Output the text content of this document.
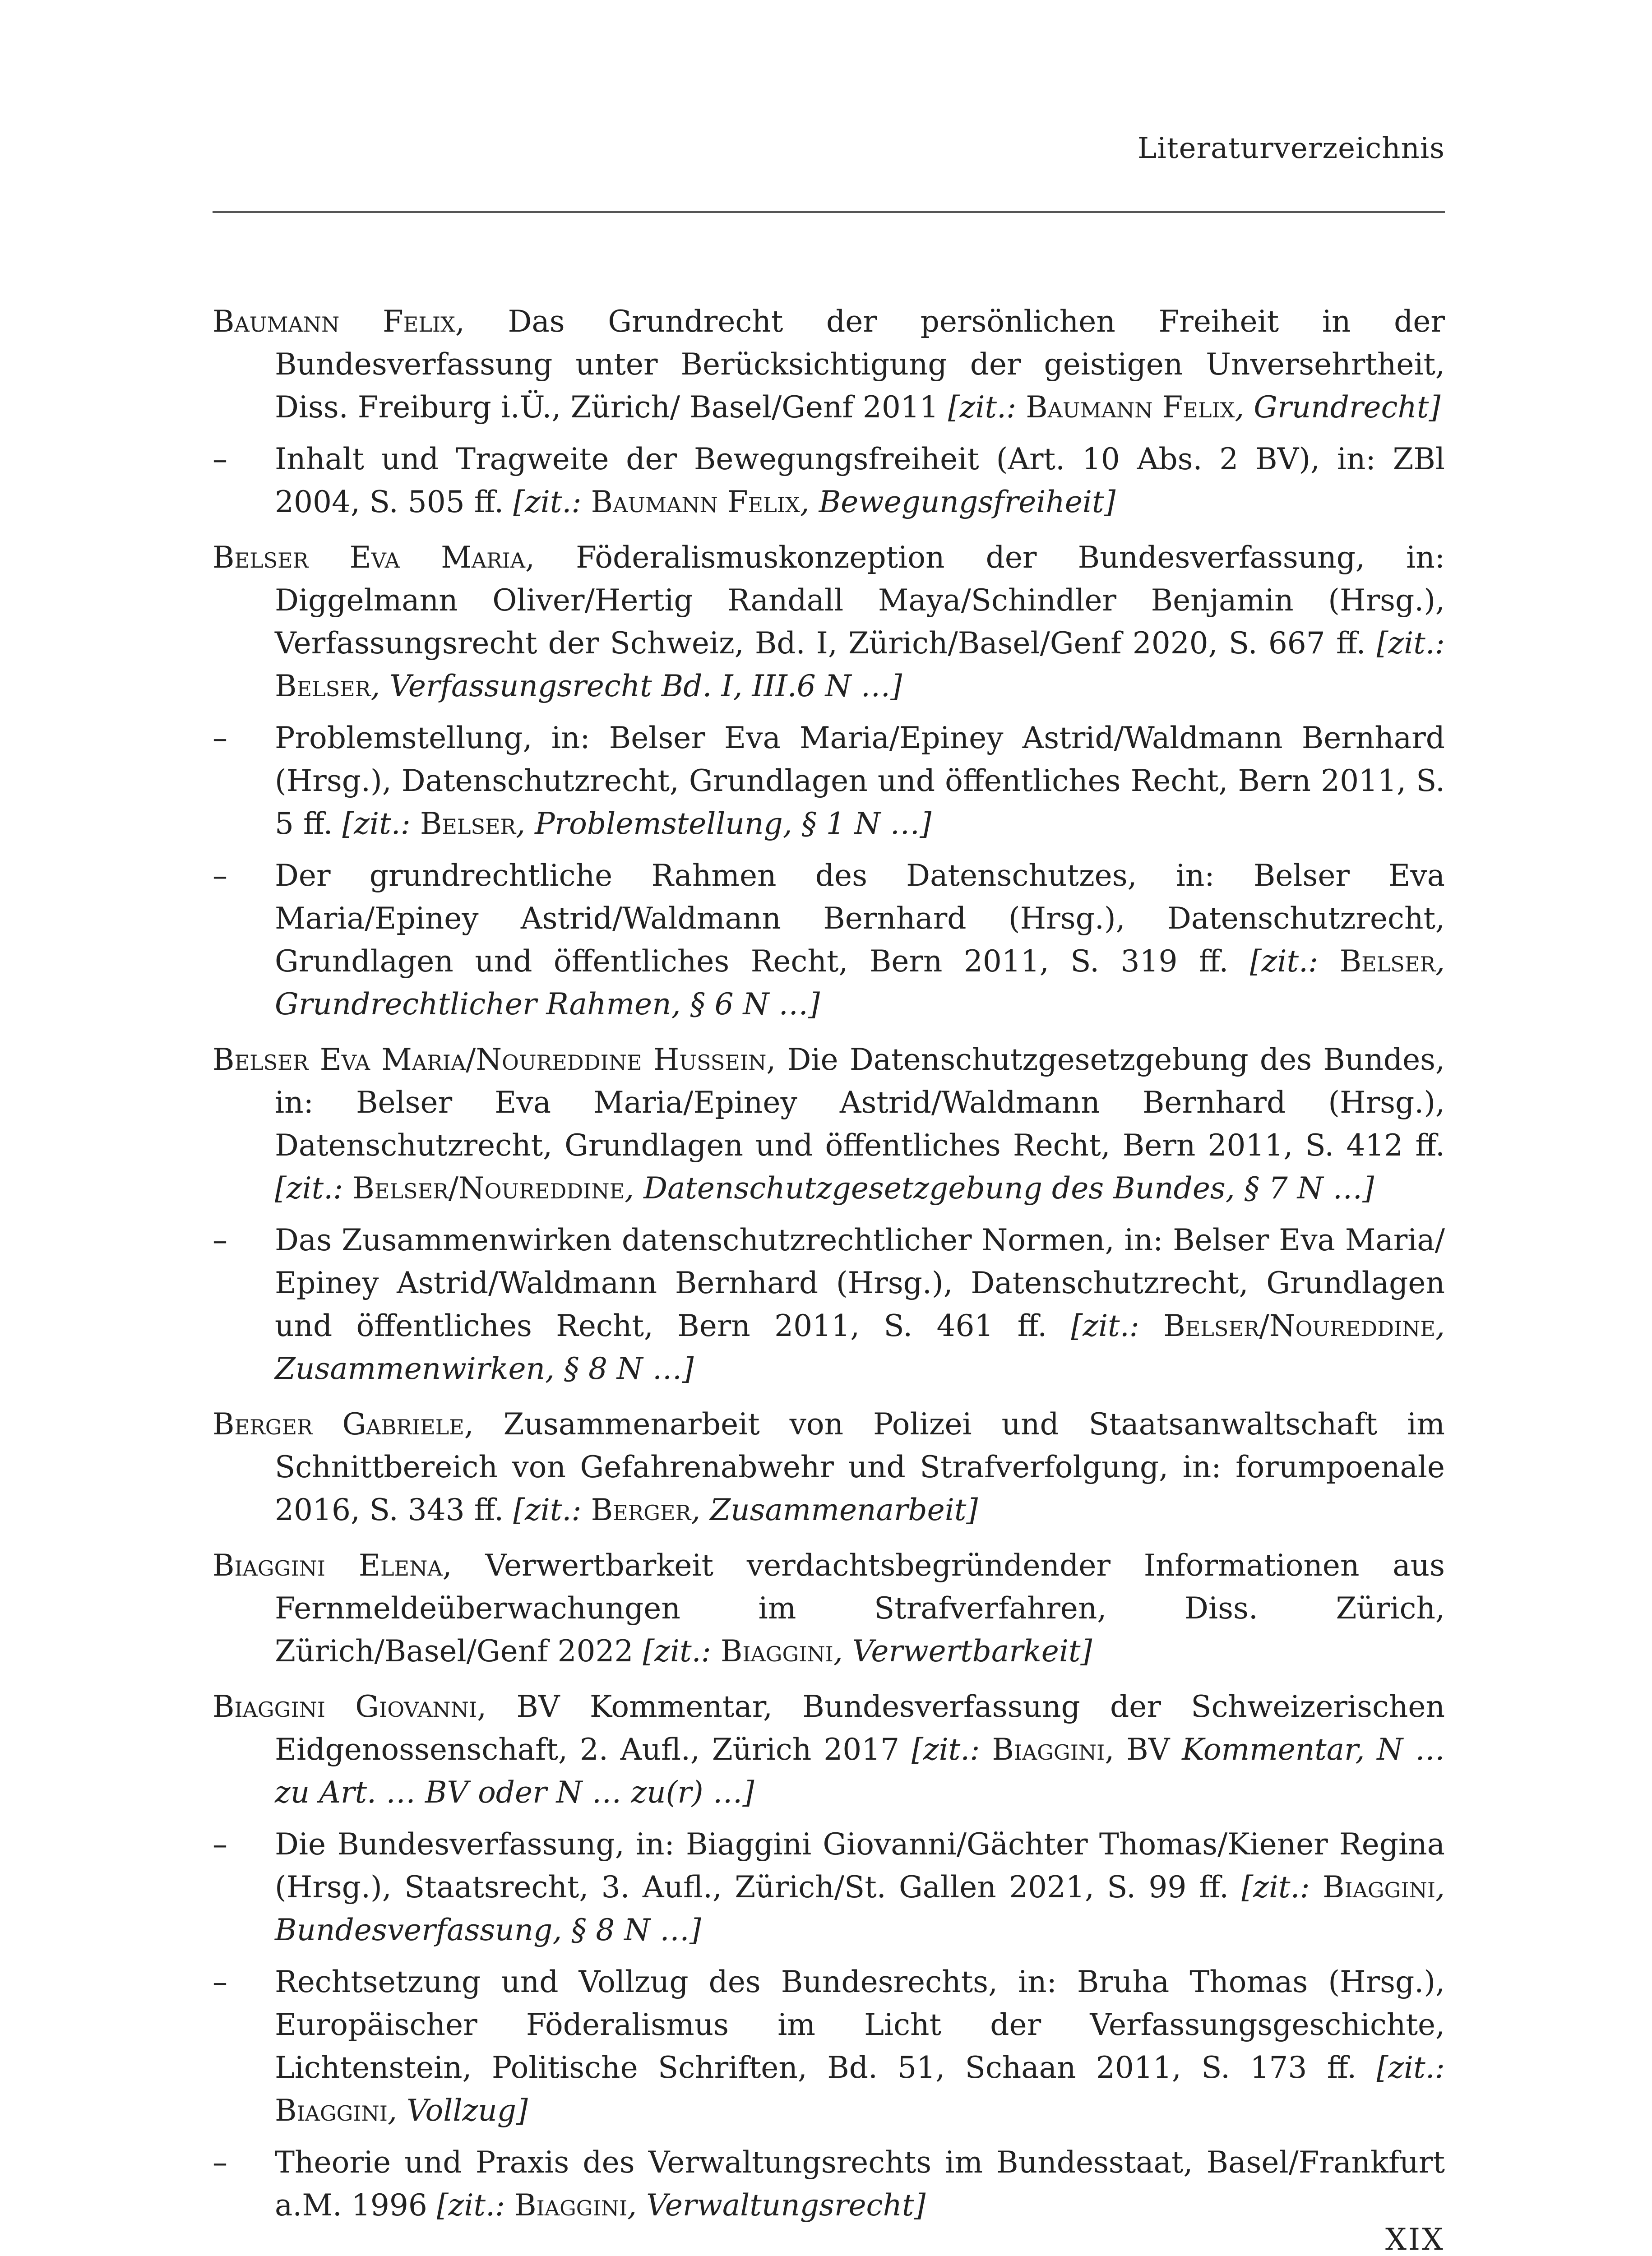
Literaturverzeichnis
Baumann Felix, Das Grundrecht der persönlichen Freiheit in der Bundesverfassung unter Berücksichtigung der geistigen Unversehrtheit, Diss. Freiburg i.Ü., Zürich/ Basel/Genf 2011 [zit.: Baumann Felix, Grundrecht]
– Inhalt und Tragweite der Bewegungsfreiheit (Art. 10 Abs. 2 BV), in: ZBl 2004, S. 505 ff. [zit.: Baumann Felix, Bewegungsfreiheit]
Belser Eva Maria, Föderalismuskonzeption der Bundesverfassung, in: Diggelmann Oliver/Hertig Randall Maya/Schindler Benjamin (Hrsg.), Verfassungsrecht der Schweiz, Bd. I, Zürich/Basel/Genf 2020, S. 667 ff. [zit.: Belser, Verfassungsrecht Bd. I, III.6 N …]
– Problemstellung, in: Belser Eva Maria/Epiney Astrid/Waldmann Bernhard (Hrsg.), Datenschutzrecht, Grundlagen und öffentliches Recht, Bern 2011, S. 5 ff. [zit.: Belser, Problemstellung, § 1 N …]
– Der grundrechtliche Rahmen des Datenschutzes, in: Belser Eva Maria/Epiney Astrid/Waldmann Bernhard (Hrsg.), Datenschutzrecht, Grundlagen und öffentliches Recht, Bern 2011, S. 319 ff. [zit.: Belser, Grundrechtlicher Rahmen, § 6 N …]
Belser Eva Maria/Noureddine Hussein, Die Datenschutzgesetzgebung des Bundes, in: Belser Eva Maria/Epiney Astrid/Waldmann Bernhard (Hrsg.), Datenschutzrecht, Grundlagen und öffentliches Recht, Bern 2011, S. 412 ff. [zit.: Belser/Noureddine, Datenschutzgesetzgebung des Bundes, § 7 N …]
– Das Zusammenwirken datenschutzrechtlicher Normen, in: Belser Eva Maria/ Epiney Astrid/Waldmann Bernhard (Hrsg.), Datenschutzrecht, Grundlagen und öffentliches Recht, Bern 2011, S. 461 ff. [zit.: Belser/Noureddine, Zusammenwirken, § 8 N …]
Berger Gabriele, Zusammenarbeit von Polizei und Staatsanwaltschaft im Schnittbereich von Gefahrenabwehr und Strafverfolgung, in: forumpoenale 2016, S. 343 ff. [zit.: Berger, Zusammenarbeit]
Biaggini Elena, Verwertbarkeit verdachtsbegründender Informationen aus Fernmeldeüberwachungen im Strafverfahren, Diss. Zürich, Zürich/Basel/Genf 2022 [zit.: Biaggini, Verwertbarkeit]
Biaggini Giovanni, BV Kommentar, Bundesverfassung der Schweizerischen Eidgenossenschaft, 2. Aufl., Zürich 2017 [zit.: Biaggini, BV Kommentar, N … zu Art. … BV oder N … zu(r) …]
– Die Bundesverfassung, in: Biaggini Giovanni/Gächter Thomas/Kiener Regina (Hrsg.), Staatsrecht, 3. Aufl., Zürich/St. Gallen 2021, S. 99 ff. [zit.: Biaggini, Bundesverfassung, § 8 N …]
– Rechtsetzung und Vollzug des Bundesrechts, in: Bruha Thomas (Hrsg.), Europäischer Föderalismus im Licht der Verfassungsgeschichte, Lichtenstein, Politische Schriften, Bd. 51, Schaan 2011, S. 173 ff. [zit.: Biaggini, Vollzug]
– Theorie und Praxis des Verwaltungsrechts im Bundesstaat, Basel/Frankfurt a.M. 1996 [zit.: Biaggini, Verwaltungsrecht]
XIX
